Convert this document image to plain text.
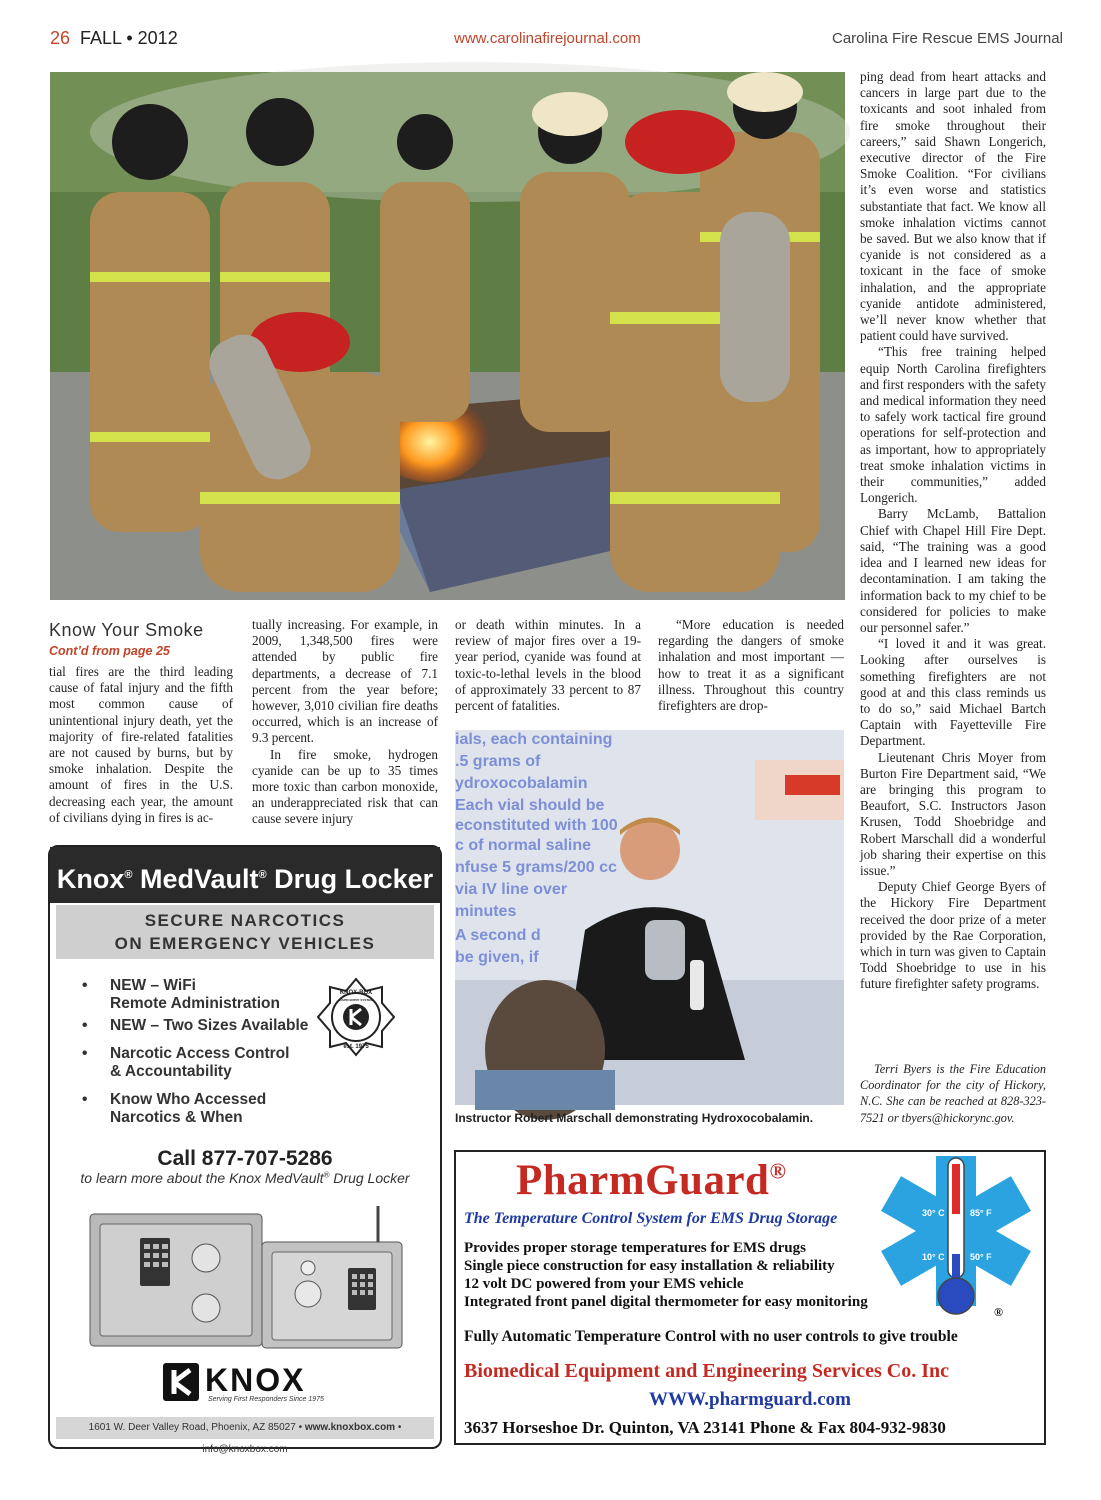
26 FALL • 2012	www.carolinafirejournal.com	Carolina Fire Rescue EMS Journal
Know Your Smoke
Cont’d from page 25

tial fires are the third leading cause of fatal injury and the fifth most common cause of unintentional injury death, yet the majority of fire-related fatalities are not caused by burns, but by smoke inhalation. Despite the amount of fires in the U.S. decreasing each year, the amount of civilians dying in fires is ac-

tually increasing. For example, in 2009, 1,348,500 fires were attended by public fire departments, a decrease of 7.1 percent from the year before; however, 3,010 civilian fire deaths occurred, which is an increase of 9.3 percent.

In fire smoke, hydrogen cyanide can be up to 35 times more toxic than carbon monoxide, an underappreciated risk that can cause severe injury

or death within minutes. In a review of major fires over a 19-year period, cyanide was found at toxic-to-lethal levels in the blood of approximately 33 percent to 87 percent of fatalities.

“More education is needed regarding the dangers of smoke inhalation and most important — how to treat it as a significant illness. Throughout this country firefighters are drop-

ping dead from heart attacks and cancers in large part due to the toxicants and soot inhaled from fire smoke throughout their careers,” said Shawn Longerich, executive director of the Fire Smoke Coalition. “For civilians it’s even worse and statistics substantiate that fact. We know all smoke inhalation victims cannot be saved. But we also know that if cyanide is not considered as a toxicant in the face of smoke inhalation, and the appropriate cyanide antidote administered, we’ll never know whether that patient could have survived.

“This free training helped equip North Carolina firefighters and first responders with the safety and medical information they need to safely work tactical fire ground operations for self-protection and as important, how to appropriately treat smoke inhalation victims in their communities,” added Longerich.

Barry McLamb, Battalion Chief with Chapel Hill Fire Dept. said, “The training was a good idea and I learned new ideas for decontamination. I am taking the information back to my chief to be considered for policies to make our personnel safer.”

“I loved it and it was great. Looking after ourselves is something firefighters are not good at and this class reminds us to do so,” said Michael Bartch Captain with Fayetteville Fire Department.

Lieutenant Chris Moyer from Burton Fire Department said, “We are bringing this program to Beaufort, S.C. Instructors Jason Krusen, Todd Shoebridge and Robert Marschall did a wonderful job sharing their expertise on this issue.”

Deputy Chief George Byers of the Hickory Fire Department received the door prize of a meter provided by the Rae Corporation, which in turn was given to Captain Todd Shoebridge to use in his future firefighter safety programs.

Terri Byers is the Fire Education Coordinator for the city of Hickory, N.C. She can be reached at 828-323-7521 or tbyers@hickorync.gov.
ials, each containing
.5 grams of
ydroxocobalamin
Each vial should be
econstituted with 100
c of normal saline
nfuse 5 grams/200 cc
via IV line over
minutes
A second d
be given, if
Instructor Robert Marschall demonstrating Hydroxocobalamin.
Knox® MedVault® Drug Locker
SECURE NARCOTICS
ON EMERGENCY VEHICLES
• NEW – WiFi
Remote Administration
• NEW – Two Sizes Available
• Narcotic Access Control
& Accountability
• Know Who Accessed
Narcotics & When
KNOX-BOX
RAPID ENTRY SYSTEM
est. 1975
Call 877-707-5286
to learn more about the Knox MedVault® Drug Locker
KNOX
Serving First Responders Since 1975
1601 W. Deer Valley Road, Phoenix, AZ 85027 • www.knoxbox.com • info@knoxbox.com
PharmGuard®
The Temperature Control System for EMS Drug Storage
Provides proper storage temperatures for EMS drugs
Single piece construction for easy installation & reliability
12 volt DC powered from your EMS vehicle
Integrated front panel digital thermometer for easy monitoring
30° C	85° F
10° C	50° F
®
Fully Automatic Temperature Control with no user controls to give trouble
Biomedical Equipment and Engineering Services Co. Inc
WWW.pharmguard.com
3637 Horseshoe Dr. Quinton, VA 23141 Phone & Fax 804-932-9830
